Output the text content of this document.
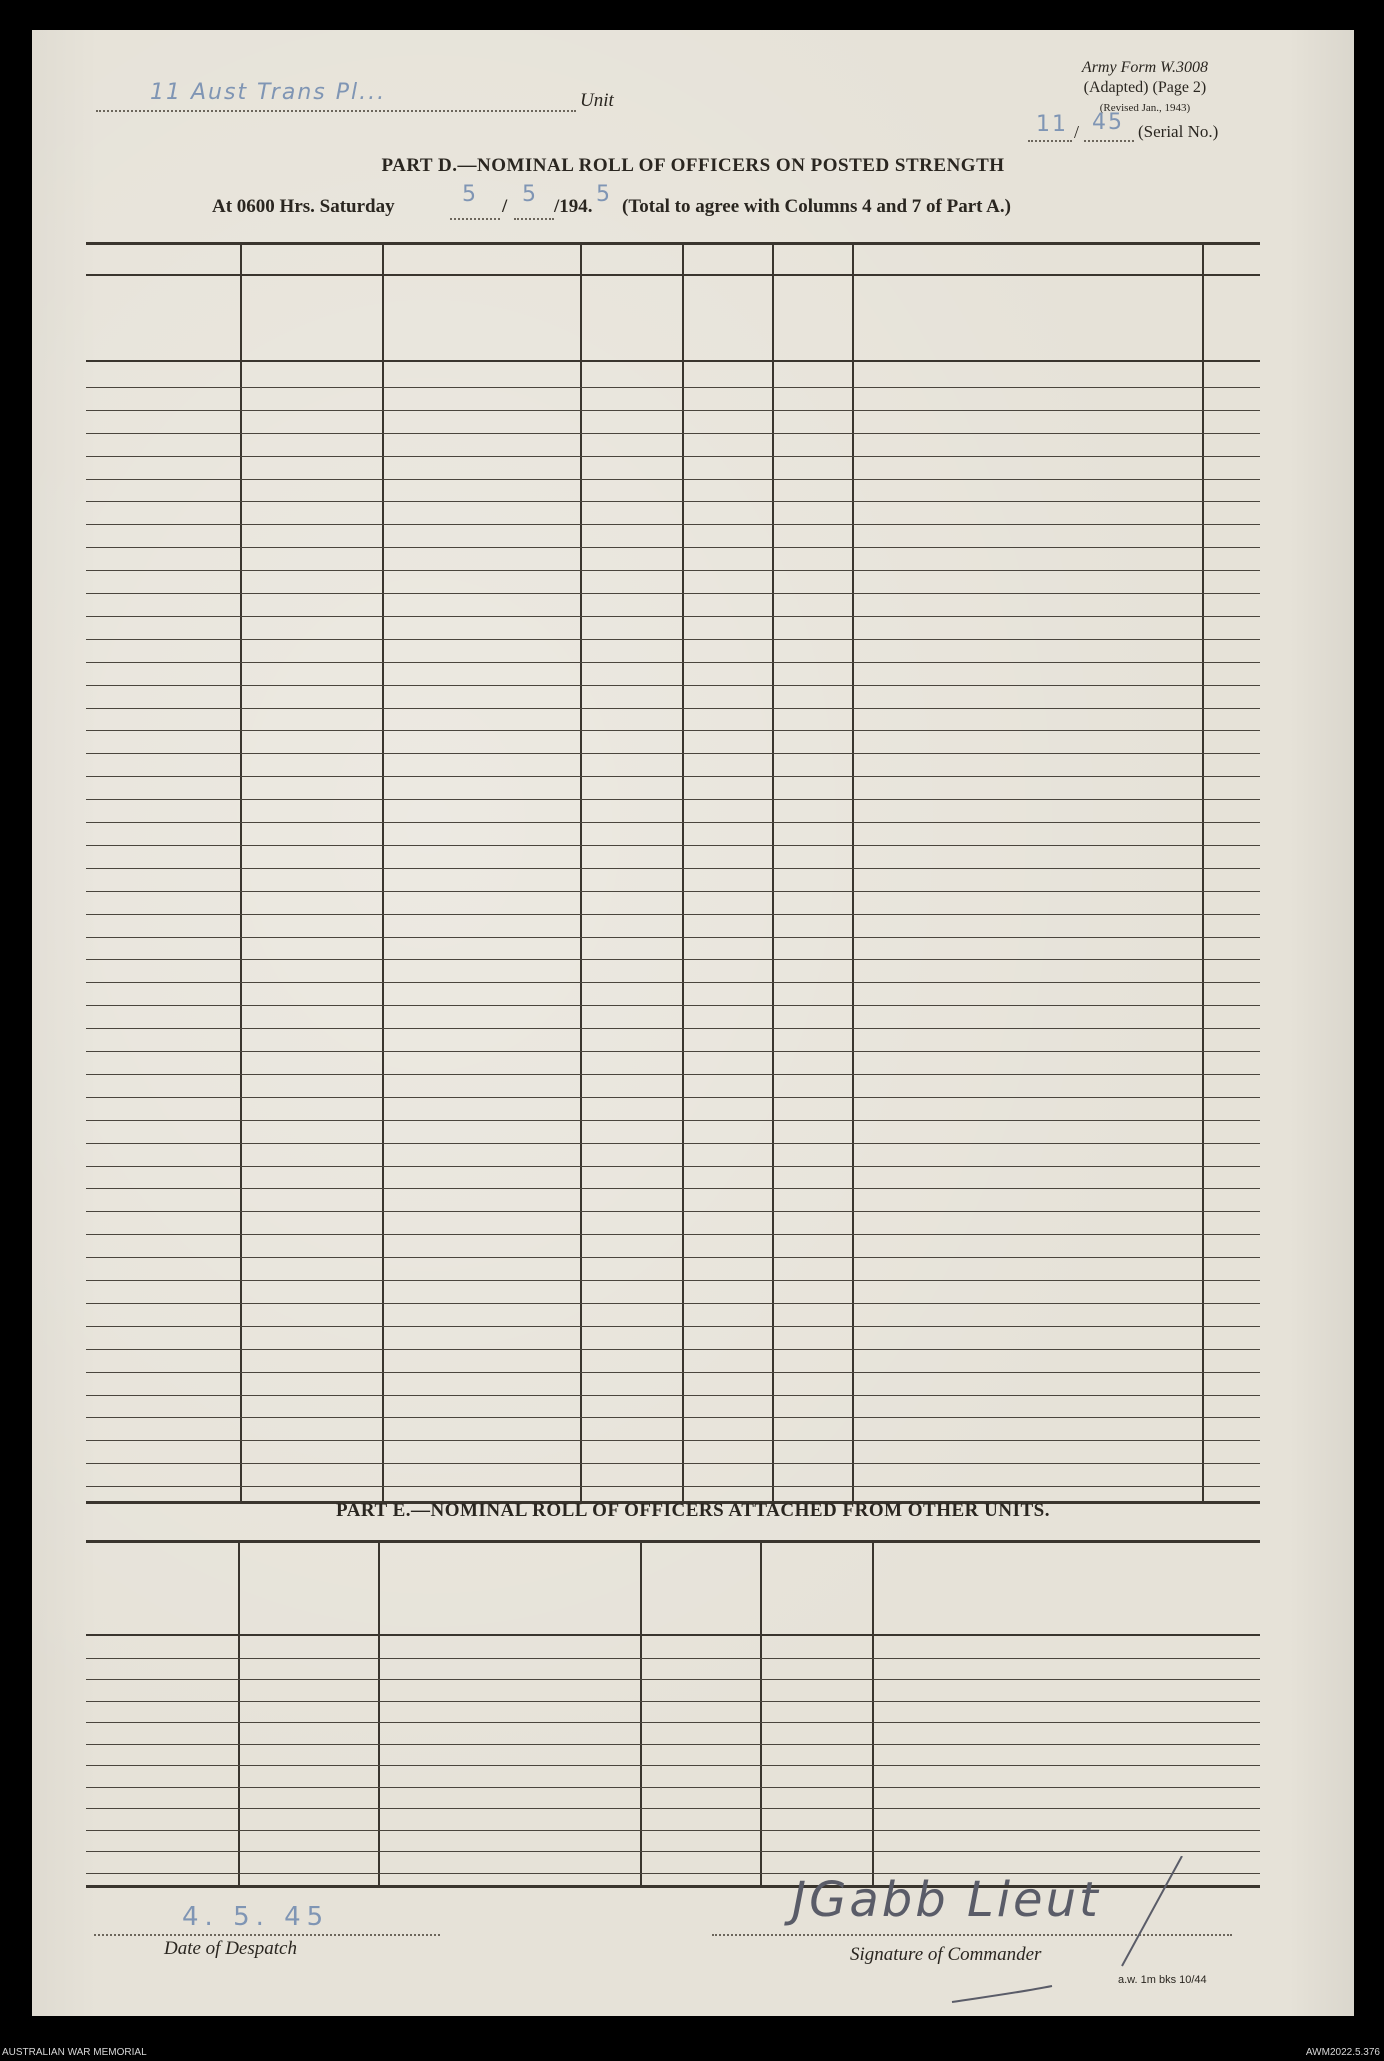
11 Aust Trans Pl...	Unit
Army Form W.3008
(Adapted) (Page 2)
(Revised Jan., 1943)
/
11 45 (Serial No.)
PART D.—NOMINAL ROLL OF OFFICERS ON POSTED STRENGTH
At 0600 Hrs. Saturday	5 / 5 /194. 5 (Total to agree with Columns 4 and 7 of Part A.)
PART E.—NOMINAL ROLL OF OFFICERS ATTACHED FROM OTHER UNITS.
4. 5. 45
Date of Despatch
JGabb Lieut
Signature of Commander
a.w. 1m bks 10/44
AUSTRALIAN WAR MEMORIAL	AWM2022.5.376
